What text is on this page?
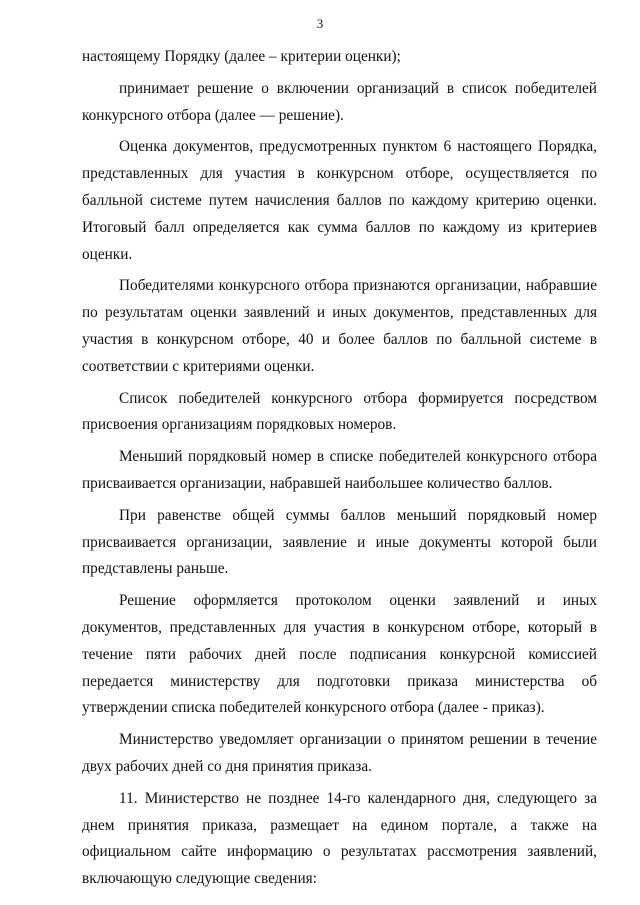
3

настоящему Порядку (далее – критерии оценки);

принимает решение о включении организаций в список победителей конкурсного отбора (далее — решение).

Оценка документов, предусмотренных пунктом 6 настоящего Порядка, представленных для участия в конкурсном отборе, осуществляется по балльной системе путем начисления баллов по каждому критерию оценки. Итоговый балл определяется как сумма баллов по каждому из критериев оценки.

Победителями конкурсного отбора признаются организации, набравшие по результатам оценки заявлений и иных документов, представленных для участия в конкурсном отборе, 40 и более баллов по балльной системе в соответствии с критериями оценки.

Список победителей конкурсного отбора формируется посредством присвоения организациям порядковых номеров.

Меньший порядковый номер в списке победителей конкурсного отбора присваивается организации, набравшей наибольшее количество баллов.

При равенстве общей суммы баллов меньший порядковый номер присваивается организации, заявление и иные документы которой были представлены раньше.

Решение оформляется протоколом оценки заявлений и иных документов, представленных для участия в конкурсном отборе, который в течение пяти рабочих дней после подписания конкурсной комиссией передается министерству для подготовки приказа министерства об утверждении списка победителей конкурсного отбора (далее - приказ).

Министерство уведомляет организации о принятом решении в течение двух рабочих дней со дня принятия приказа.

11. Министерство не позднее 14-го календарного дня, следующего за днем принятия приказа, размещает на едином портале, а также на официальном сайте информацию о результатах рассмотрения заявлений, включающую следующие сведения:
